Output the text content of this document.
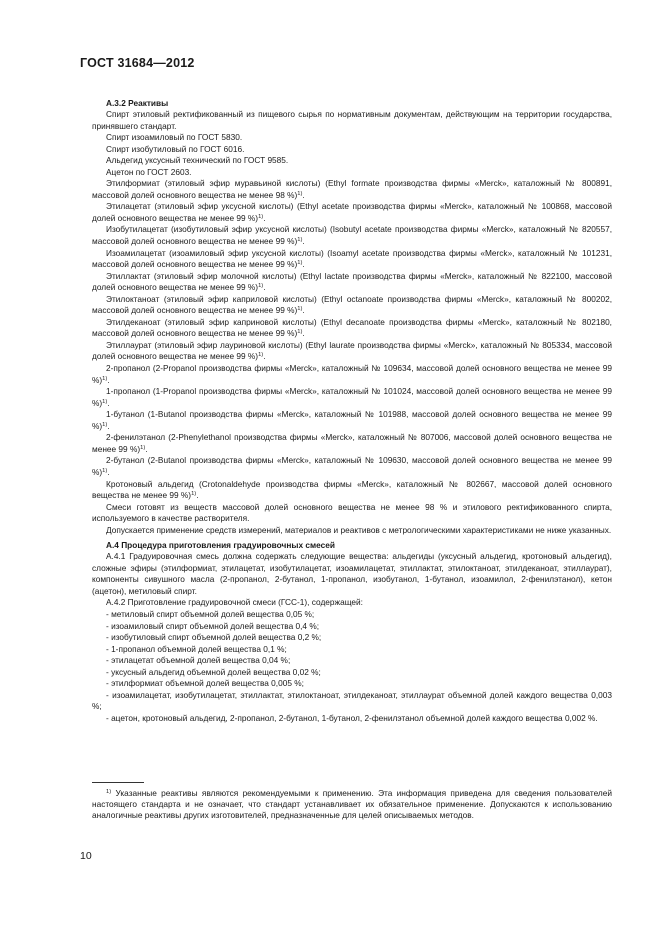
ГОСТ 31684—2012
А.3.2 Реактивы

Спирт этиловый ректификованный из пищевого сырья по нормативным документам, действующим на территории государства, принявшего стандарт.

Спирт изоамиловый по ГОСТ 5830.

Спирт изобутиловый по ГОСТ 6016.

Альдегид уксусный технический по ГОСТ 9585.

Ацетон по ГОСТ 2603.

Этилформиат (этиловый эфир муравьиной кислоты) (Ethyl formate производства фирмы «Merck», каталожный № 800891, массовой долей основного вещества не менее 98 %)$^{1)}$.

Этилацетат (этиловый эфир уксусной кислоты) (Ethyl acetate производства фирмы «Merck», каталожный № 100868, массовой долей основного вещества не менее 99 %)$^{1)}$.

Изобутилацетат (изобутиловый эфир уксусной кислоты) (Isobutyl acetate производства фирмы «Merck», каталожный № 820557, массовой долей основного вещества не менее 99 %)$^{1)}$.

Изоамилацетат (изоамиловый эфир уксусной кислоты) (Isoamyl acetate производства фирмы «Merck», каталожный № 101231, массовой долей основного вещества не менее 99 %)$^{1)}$.

Этиллактат (этиловый эфир молочной кислоты) (Ethyl lactate производства фирмы «Merck», каталожный № 822100, массовой долей основного вещества не менее 99 %)$^{1)}$.

Этилоктаноат (этиловый эфир каприловой кислоты) (Ethyl octanoate производства фирмы «Merck», каталожный № 800202, массовой долей основного вещества не менее 99 %)$^{1)}$.

Этилдеканоат (этиловый эфир каприновой кислоты) (Ethyl decanoate производства фирмы «Merck», каталожный № 802180, массовой долей основного вещества не менее 99 %)$^{1)}$.

Этиллаурат (этиловый эфир лауриновой кислоты) (Ethyl laurate производства фирмы «Merck», каталожный № 805334, массовой долей основного вещества не менее 99 %)$^{1)}$.

2-пропанол (2-Propanol производства фирмы «Merck», каталожный № 109634, массовой долей основного вещества не менее 99 %)$^{1)}$.

1-пропанол (1-Propanol производства фирмы «Merck», каталожный № 101024, массовой долей основного вещества не менее 99 %)$^{1)}$.

1-бутанол (1-Butanol производства фирмы «Merck», каталожный № 101988, массовой долей основного вещества не менее 99 %)$^{1)}$.

2-фенилэтанол (2-Phenylethanol производства фирмы «Merck», каталожный № 807006, массовой долей основного вещества не менее 99 %)$^{1)}$.

2-бутанол (2-Butanol производства фирмы «Merck», каталожный № 109630, массовой долей основного вещества не менее 99 %)$^{1)}$.

Кротоновый альдегид (Crotonaldehyde производства фирмы «Merck», каталожный № 802667, массовой долей основного вещества не менее 99 %)$^{1)}$.

Смеси готовят из веществ массовой долей основного вещества не менее 98 % и этилового ректификованного спирта, используемого в качестве растворителя.

Допускается применение средств измерений, материалов и реактивов с метрологическими характеристиками не ниже указанных.

А.4 Процедура приготовления градуировочных смесей

А.4.1 Градуировочная смесь должна содержать следующие вещества: альдегиды (уксусный альдегид, кротоновый альдегид), сложные эфиры (этилформиат, этилацетат, изобутилацетат, изоамилацетат, этиллактат, этилоктаноат, этилдеканоат, этиллаурат), компоненты сивушного масла (2-пропанол, 2-бутанол, 1-пропанол, изобутанол, 1-бутанол, изоамилол, 2-фенилэтанол), кетон (ацетон), метиловый спирт.

А.4.2 Приготовление градуировочной смеси (ГСС-1), содержащей:

- метиловый спирт объемной долей вещества 0,05 %;
- изоамиловый спирт объемной долей вещества 0,4 %;
- изобутиловый спирт объемной долей вещества 0,2 %;
- 1-пропанол объемной долей вещества 0,1 %;
- этилацетат объемной долей вещества 0,04 %;
- уксусный альдегид объемной долей вещества 0,02 %;
- этилформиат объемной долей вещества 0,005 %;
- изоамилацетат, изобутилацетат, этиллактат, этилоктаноат, этилдеканоат, этиллаурат объемной долей каждого вещества 0,003 %;
- ацетон, кротоновый альдегид, 2-пропанол, 2-бутанол, 1-бутанол, 2-фенилэтанол объемной долей каждого вещества 0,002 %.

$^{1)}$ Указанные реактивы являются рекомендуемыми к применению. Эта информация приведена для сведения пользователей настоящего стандарта и не означает, что стандарт устанавливает их обязательное применение. Допускаются к использованию аналогичные реактивы других изготовителей, предназначенные для целей описываемых методов.

10
